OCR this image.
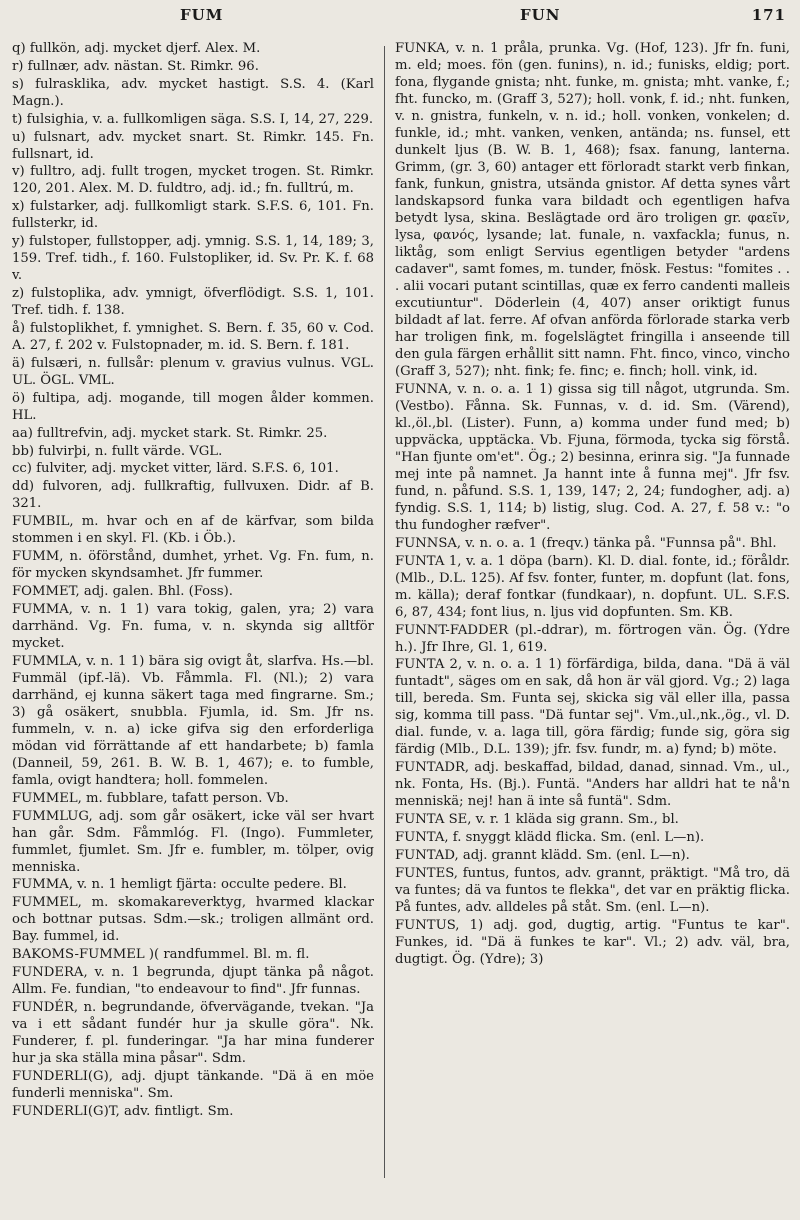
FUM	FUN	171

q) fullkön, adj. mycket djerf. Alex. M.

r) fullnær, adv. nästan. St. Rimkr. 96.

s) fulrasklika, adv. mycket hastigt. S.S. 4. (Karl Magn.).

t) fulsighia, v. a. fullkomligen säga. S.S. I, 14, 27, 229.

u) fulsnart, adv. mycket snart. St. Rimkr. 145. Fn. fullsnart, id.

v) fulltro, adj. fullt trogen, mycket trogen. St. Rimkr. 120, 201. Alex. M. D. fuldtro, adj. id.; fn. fulltrú, m.

x) fulstarker, adj. fullkomligt stark. S.F.S. 6, 101. Fn. fullsterkr, id.

y) fulstoper, fullstopper, adj. ymnig. S.S. 1, 14, 189; 3, 159. Tref. tidh., f. 160. Fulstopliker, id. Sv. Pr. K. f. 68 v.

z) fulstoplika, adv. ymnigt, öfverflödigt. S.S. 1, 101. Tref. tidh. f. 138.

å) fulstoplikhet, f. ymnighet. S. Bern. f. 35, 60 v. Cod. A. 27, f. 202 v. Fulstopnader, m. id. S. Bern. f. 181.

ä) fulsæri, n. fullsår: plenum v. gravius vulnus. VGL. UL. ÖGL. VML.

ö) fultipa, adj. mogande, till mogen ålder kommen. HL.

aa) fulltrefvin, adj. mycket stark. St. Rimkr. 25.

bb) fulvirþi, n. fullt värde. VGL.

cc) fulviter, adj. mycket vitter, lärd. S.F.S. 6, 101.

dd) fulvoren, adj. fullkraftig, fullvuxen. Didr. af B. 321.

FUMBIL, m. hvar och en af de kärfvar, som bilda stommen i en skyl. Fl. (Kb. i Öb.).

FUMM, n. öförstånd, dumhet, yrhet. Vg. Fn. fum, n. för mycken skyndsamhet. Jfr fummer.

FOMMET, adj. galen. Bhl. (Foss).

FUMMA, v. n. 1 1) vara tokig, galen, yra; 2) vara darrhänd. Vg. Fn. fuma, v. n. skynda sig alltför mycket.

FUMMLA, v. n. 1 1) bära sig ovigt åt, slarfva. Hs.—bl. Fummäl (ipf.-lä). Vb. Fåmmla. Fl. (Nl.); 2) vara darrhänd, ej kunna säkert taga med fingrarne. Sm.; 3) gå osäkert, snubbla. Fjumla, id. Sm. Jfr ns. fummeln, v. n. a) icke gifva sig den erforderliga mödan vid förrättande af ett handarbete; b) famla (Danneil, 59, 261. B. W. B. 1, 467); e. to fumble, famla, ovigt handtera; holl. fommelen.

FUMMEL, m. fubblare, tafatt person. Vb.

FUMMLUG, adj. som går osäkert, icke väl ser hvart han går. Sdm. Fåmmlóg. Fl. (Ingo). Fummleter, fummlet, fjumlet. Sm. Jfr e. fumbler, m. tölper, ovig menniska.

FUMMA, v. n. 1 hemligt fjärta: occulte pedere. Bl.

FUMMEL, m. skomakareverktyg, hvarmed klackar och bottnar putsas. Sdm.—sk.; troligen allmänt ord. Bay. fummel, id.

BAKOMS-FUMMEL )( randfummel. Bl. m. fl.

FUNDERA, v. n. 1 begrunda, djupt tänka på något. Allm. Fe. fundian, "to endeavour to find". Jfr funnas.

FUNDÉR, n. begrundande, öfvervägande, tvekan. "Ja va i ett sådant fundér hur ja skulle göra". Nk. Funderer, f. pl. funderingar. "Ja har mina funderer hur ja ska ställa mina påsar". Sdm.

FUNDERLI(G), adj. djupt tänkande. "Dä ä en möe funderli menniska". Sm.

FUNDERLI(G)T, adv. fintligt. Sm.

FUNKA, v. n. 1 pråla, prunka. Vg. (Hof, 123). Jfr fn. funi, m. eld; moes. fön (gen. funins), n. id.; funisks, eldig; port. fona, flygande gnista; nht. funke, m. gnista; mht. vanke, f.; fht. funcko, m. (Graff 3, 527); holl. vonk, f. id.; nht. funken, v. n. gnistra, funkeln, v. n. id.; holl. vonken, vonkelen; d. funkle, id.; mht. vanken, venken, antända; ns. funsel, ett dunkelt ljus (B. W. B. 1, 468); fsax. fanung, lanterna. Grimm, (gr. 3, 60) antager ett förloradt starkt verb finkan, fank, funkun, gnistra, utsända gnistor. Af detta synes vårt landskapsord funka vara bildadt och egentligen hafva betydt lysa, skina. Beslägtade ord äro troligen gr. φαεῖν, lysa, φανός, lysande; lat. funale, n. vaxfackla; funus, n. liktåg, som enligt Servius egentligen betyder "ardens cadaver", samt fomes, m. tunder, fnösk. Festus: "fomites . . . alii vocari putant scintillas, quæ ex ferro candenti malleis excutiuntur". Döderlein (4, 407) anser oriktigt funus bildadt af lat. ferre. Af ofvan anförda förlorade starka verb har troligen fink, m. fogelslägtet fringilla i anseende till den gula färgen erhållit sitt namn. Fht. finco, vinco, vincho (Graff 3, 527); nht. fink; fe. finc; e. finch; holl. vink, id.

FUNNA, v. n. o. a. 1 1) gissa sig till något, utgrunda. Sm. (Vestbo). Fånna. Sk. Funnas, v. d. id. Sm. (Värend), kl.,öl.,bl. (Lister). Funn, a) komma under fund med; b) uppväcka, upptäcka. Vb. Fjuna, förmoda, tycka sig förstå. "Han fjunte om'et". Ög.; 2) besinna, erinra sig. "Ja funnade mej inte på namnet. Ja hannt inte å funna mej". Jfr fsv. fund, n. påfund. S.S. 1, 139, 147; 2, 24; fundogher, adj. a) fyndig. S.S. 1, 114; b) listig, slug. Cod. A. 27, f. 58 v.: "o thu fundogher ræfver".

FUNNSA, v. n. o. a. 1 (freqv.) tänka på. "Funnsa på". Bhl.

FUNTA 1, v. a. 1 döpa (barn). Kl. D. dial. fonte, id.; föråldr. (Mlb., D.L. 125). Af fsv. fonter, funter, m. dopfunt (lat. fons, m. källa); deraf fontkar (fundkaar), n. dopfunt. UL. S.F.S. 6, 87, 434; font lius, n. ljus vid dopfunten. Sm. KB.

FUNNT-FADDER (pl.-ddrar), m. förtrogen vän. Ög. (Ydre h.). Jfr Ihre, Gl. 1, 619.

FUNTA 2, v. n. o. a. 1 1) förfärdiga, bilda, dana. "Dä ä väl funtadt", säges om en sak, då hon är väl gjord. Vg.; 2) laga till, bereda. Sm. Funta sej, skicka sig väl eller illa, passa sig, komma till pass. "Dä funtar sej". Vm.,ul.,nk.,ög., vl. D. dial. funde, v. a. laga till, göra färdig; funde sig, göra sig färdig (Mlb., D.L. 139); jfr. fsv. fundr, m. a) fynd; b) möte.

FUNTADR, adj. beskaffad, bildad, danad, sinnad. Vm., ul., nk. Fonta, Hs. (Bj.). Funtä. "Anders har alldri hat te nå'n menniskä; nej! han ä inte så funtä". Sdm.

FUNTA SE, v. r. 1 kläda sig grann. Sm., bl.

FUNTA, f. snyggt klädd flicka. Sm. (enl. L—n).

FUNTAD, adj. grannt klädd. Sm. (enl. L—n).

FUNTES, funtus, funtos, adv. grannt, präktigt. "Må tro, dä va funtes; dä va funtos te flekka", det var en präktig flicka. På funtes, adv. alldeles på ståt. Sm. (enl. L—n).

FUNTUS, 1) adj. god, dugtig, artig. "Funtus te kar". Funkes, id. "Dä ä funkes te kar". Vl.; 2) adv. väl, bra, dugtigt. Ög. (Ydre); 3)
